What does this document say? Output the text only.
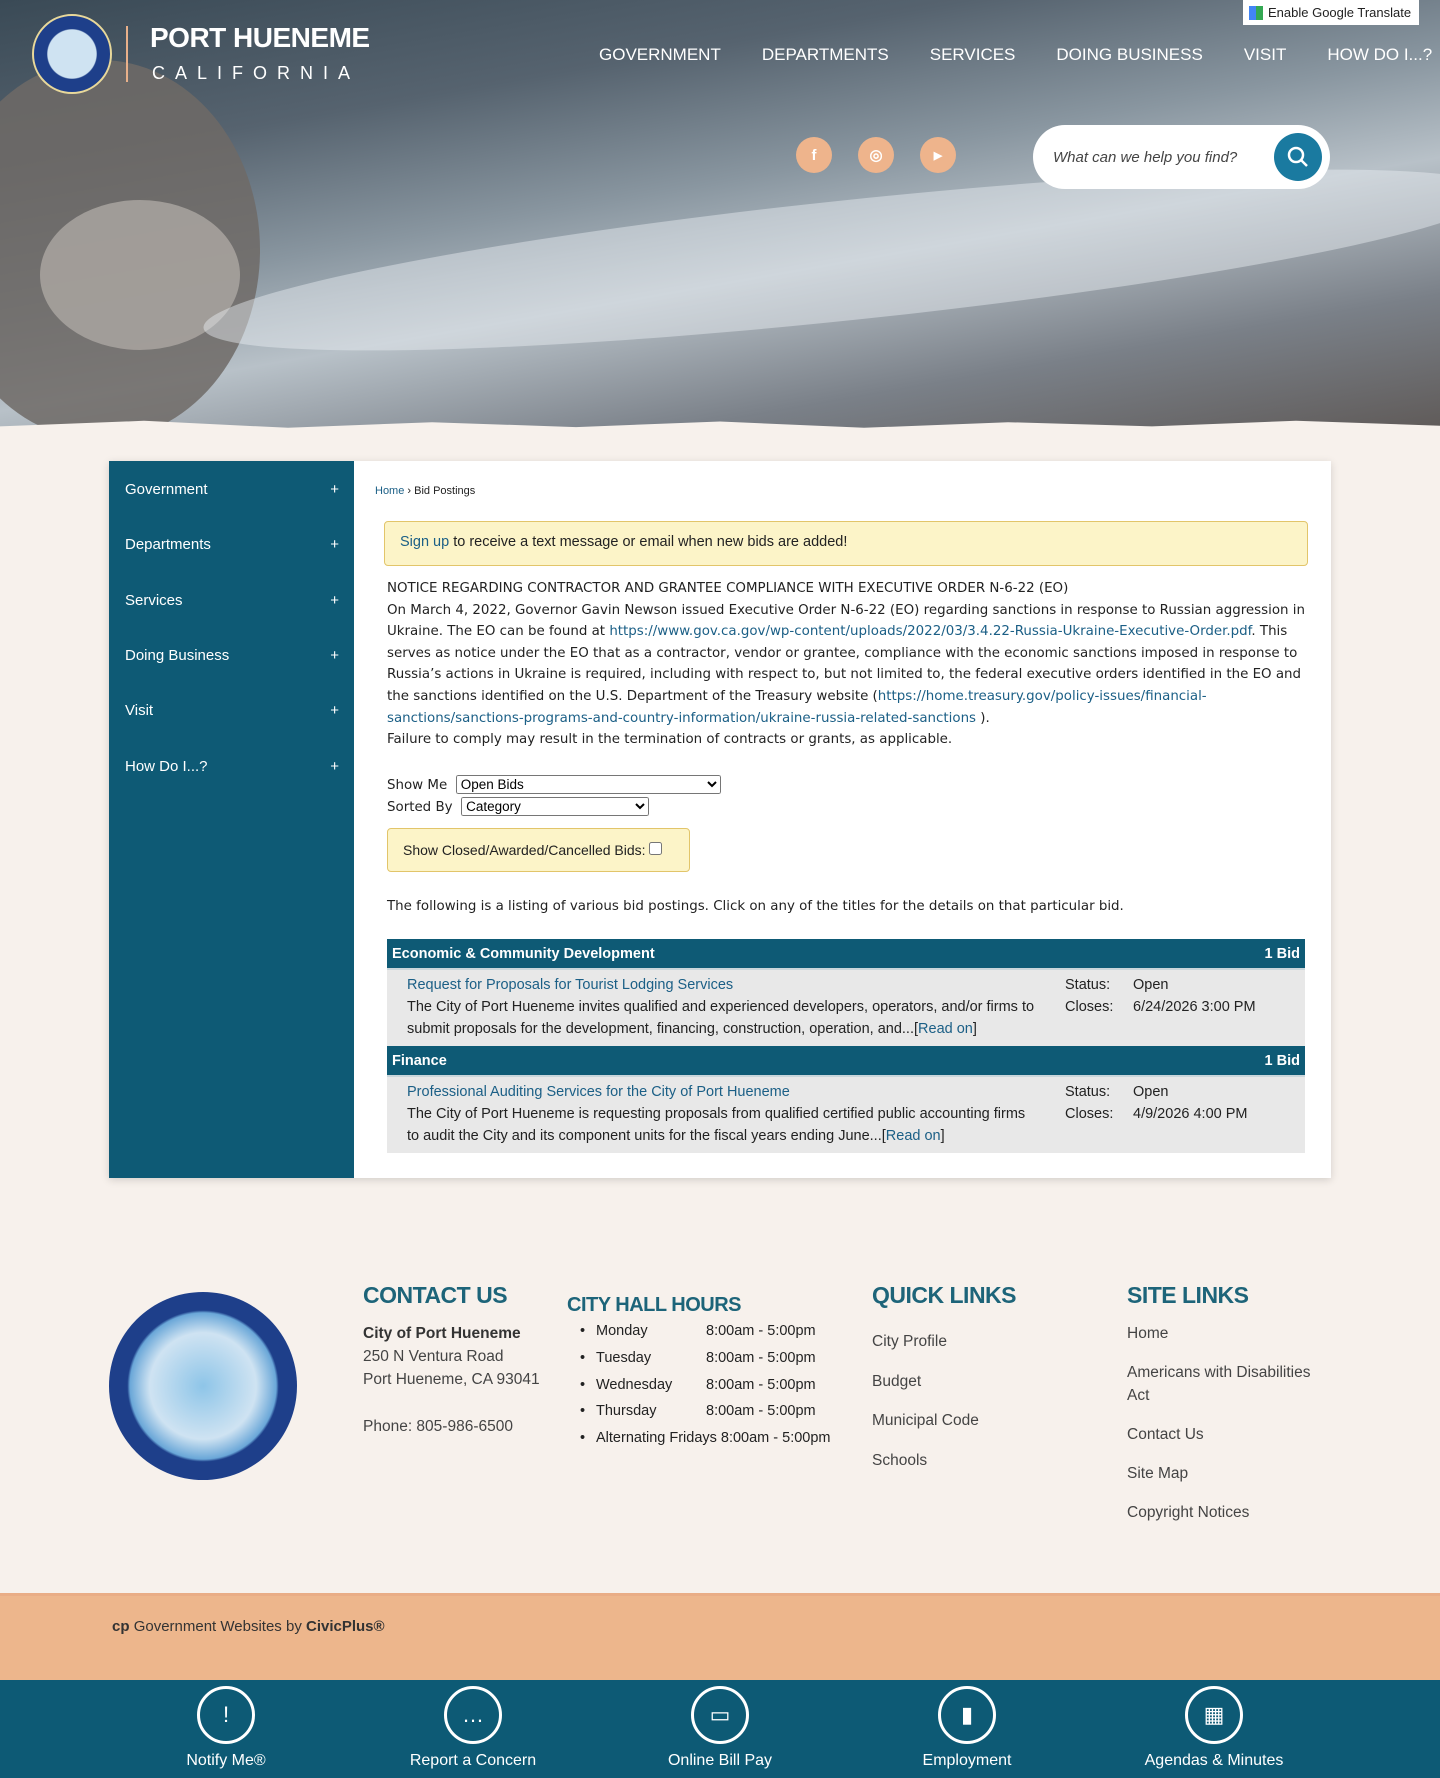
PORT HUENEME
CALIFORNIA
Enable Google Translate
GOVERNMENT DEPARTMENTS SERVICES DOING BUSINESS VISIT HOW DO I...?
f	◎	▶	What can we help you find?
Government	+
Departments	+
Services	+
Doing Business	+
Visit	+
How Do I...?	+
Home › Bid Postings
Sign up to receive a text message or email when new bids are added!
NOTICE REGARDING CONTRACTOR AND GRANTEE COMPLIANCE WITH EXECUTIVE ORDER N-6-22 (EO)
On March 4, 2022, Governor Gavin Newson issued Executive Order N-6-22 (EO) regarding sanctions in response to Russian aggression in Ukraine. The EO can be found at https://www.gov.ca.gov/wp-content/uploads/2022/03/3.4.22-Russia-Ukraine-Executive-Order.pdf. This serves as notice under the EO that as a contractor, vendor or grantee, compliance with the economic sanctions imposed in response to Russia’s actions in Ukraine is required, including with respect to, but not limited to, the federal executive orders identified in the EO and the sanctions identified on the U.S. Department of the Treasury website (https://home.treasury.gov/policy-issues/financial-sanctions/sanctions-programs-and-country-information/ukraine-russia-related-sanctions ).
Failure to comply may result in the termination of contracts or grants, as applicable.
Show Me
Open Bids
Sorted By
Category
Show Closed/Awarded/Cancelled Bids:
The following is a listing of various bid postings. Click on any of the titles for the details on that particular bid.
Economic & Community Development	1 Bid
Request for Proposals for Tourist Lodging Services
The City of Port Hueneme invites qualified and experienced developers, operators, and/or firms to submit proposals for the development, financing, construction, operation, and...[Read on]
Status: Open
Closes: 6/24/2026 3:00 PM
Finance	1 Bid
Professional Auditing Services for the City of Port Hueneme
The City of Port Hueneme is requesting proposals from qualified certified public accounting firms to audit the City and its component units for the fiscal years ending June...[Read on]
Status: Open
Closes: 4/9/2026 4:00 PM
CONTACT US
City of Port Hueneme
250 N Ventura Road
Port Hueneme, CA 93041
Phone: 805-986-6500
CITY HALL HOURS
• Monday	8:00am - 5:00pm
• Tuesday	8:00am - 5:00pm
• Wednesday	8:00am - 5:00pm
• Thursday	8:00am - 5:00pm
• Alternating Fridays 8:00am - 5:00pm
QUICK LINKS
City Profile
Budget
Municipal Code
Schools
SITE LINKS
Home
Americans with Disabilities Act
Contact Us
Site Map
Copyright Notices
cp Government Websites by CivicPlus®
!
Notify Me®
…
Report a Concern
▭
Online Bill Pay
▮
Employment
▦
Agendas & Minutes
